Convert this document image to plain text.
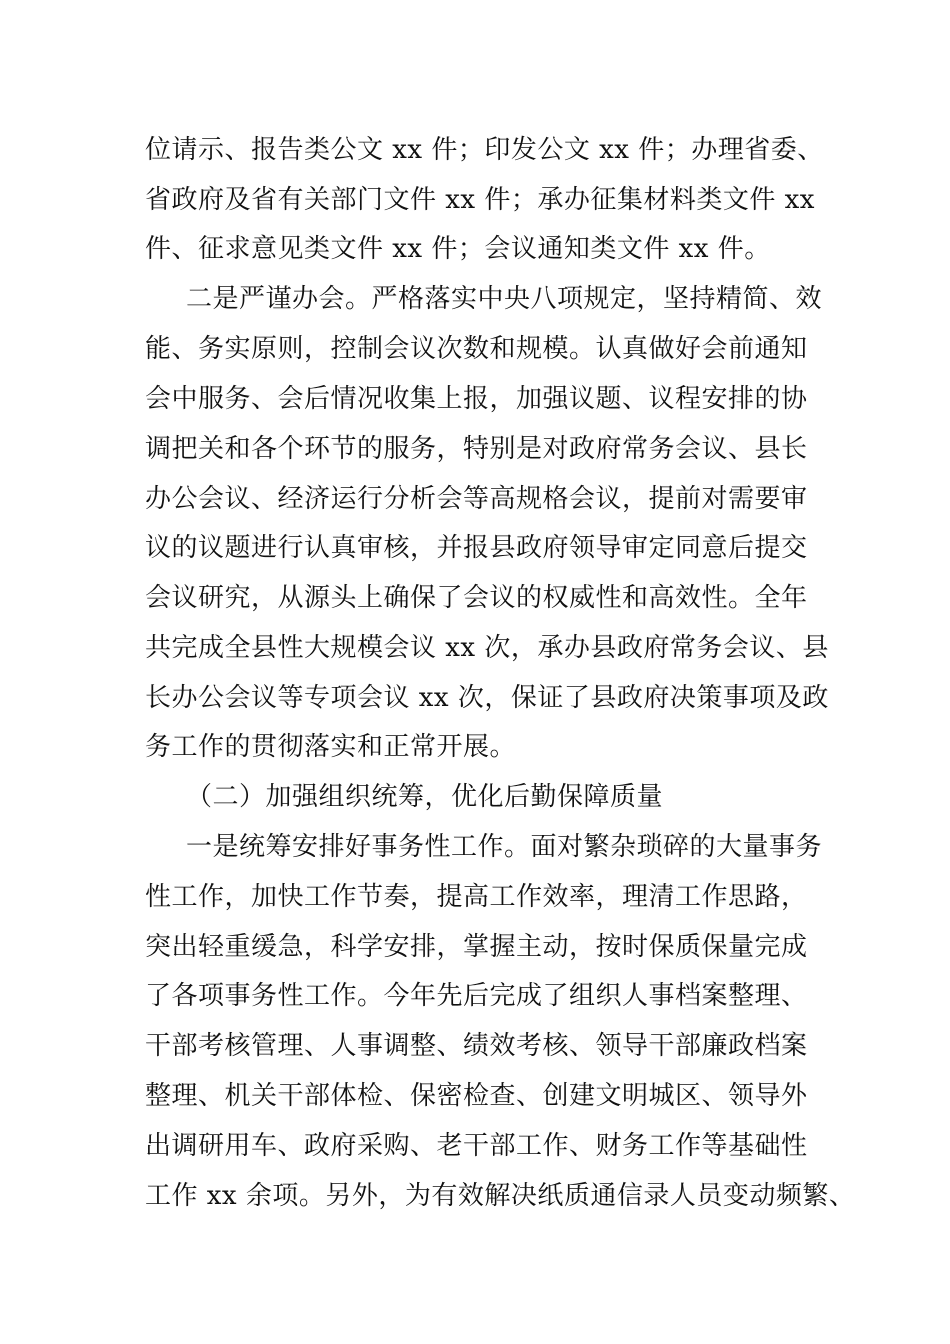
位请示、报告类公文 xx 件；印发公文 xx 件；办理省委、
省政府及省有关部门文件 xx 件；承办征集材料类文件 xx
件、征求意见类文件 xx 件；会议通知类文件 xx 件。
二是严谨办会。严格落实中央八项规定，坚持精简、效
能、务实原则，控制会议次数和规模。认真做好会前通知
会中服务、会后情况收集上报，加强议题、议程安排的协
调把关和各个环节的服务，特别是对政府常务会议、县长
办公会议、经济运行分析会等高规格会议，提前对需要审
议的议题进行认真审核，并报县政府领导审定同意后提交
会议研究，从源头上确保了会议的权威性和高效性。全年
共完成全县性大规模会议 xx 次，承办县政府常务会议、县
长办公会议等专项会议 xx 次，保证了县政府决策事项及政
务工作的贯彻落实和正常开展。
（二）加强组织统筹，优化后勤保障质量
一是统筹安排好事务性工作。面对繁杂琐碎的大量事务
性工作，加快工作节奏，提高工作效率，理清工作思路，
突出轻重缓急，科学安排，掌握主动，按时保质保量完成
了各项事务性工作。今年先后完成了组织人事档案整理、
干部考核管理、人事调整、绩效考核、领导干部廉政档案
整理、机关干部体检、保密检查、创建文明城区、领导外
出调研用车、政府采购、老干部工作、财务工作等基础性
工作 xx 余项。另外，为有效解决纸质通信录人员变动频繁、
